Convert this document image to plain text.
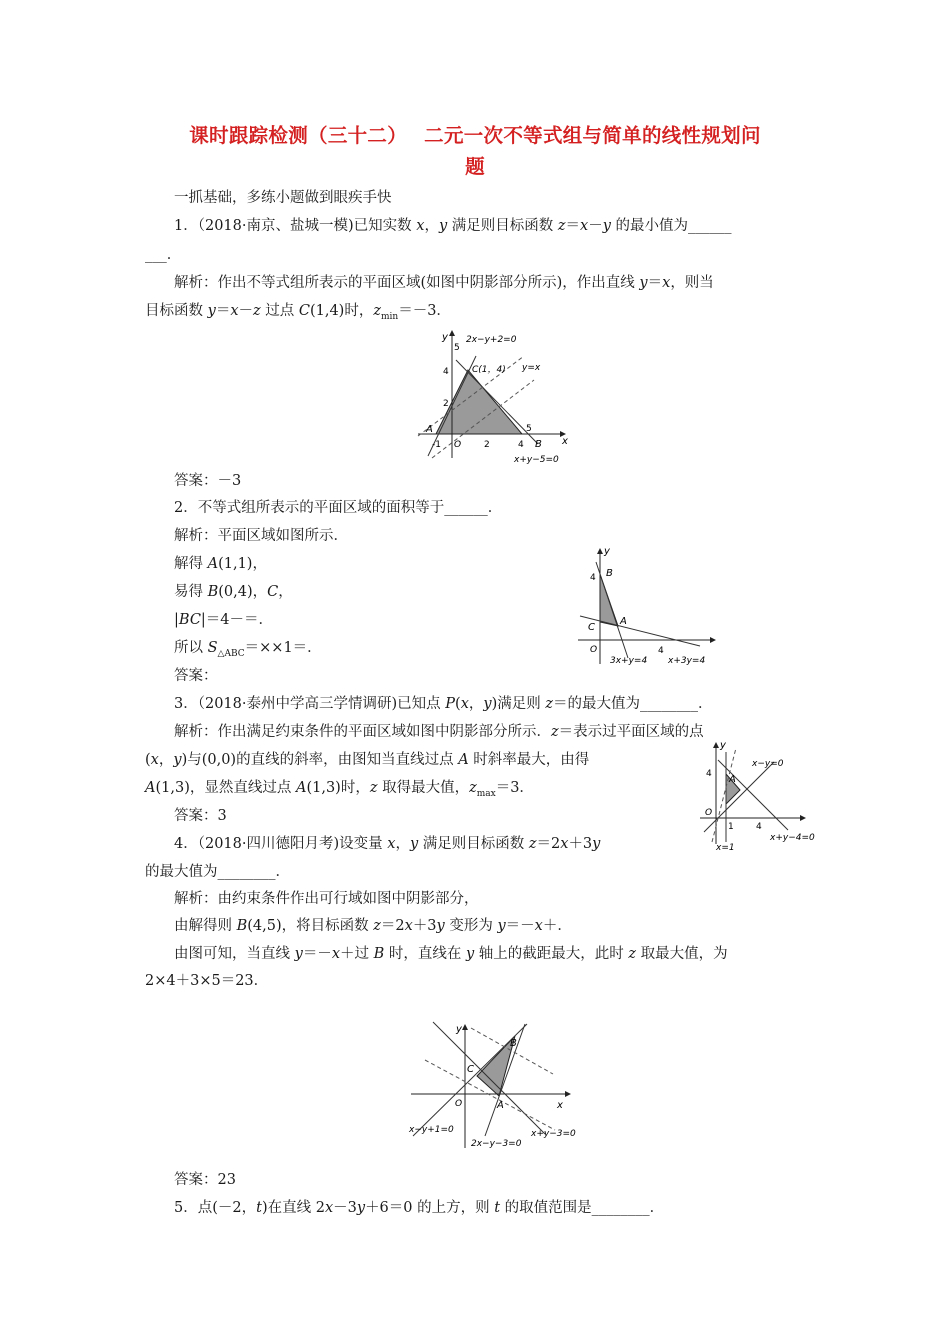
课时跟踪检测（三十二）　 二元一次不等式组与简单的线性规划问
题
一抓基础，多练小题做到眼疾手快
1．（2018·南京、盐城一模)已知实数 x，y 满足则目标函数 z＝x－y 的最小值为______
___．
解析：作出不等式组所表示的平面区域(如图中阴影部分所示)，作出直线 y＝x，则当
目标函数 y＝x－z 过点 C(1,4)时，$z_{min}=-3$．
y
x
5
4
2
-1 O	2	4
5
A
B
C(1，4)
2x−y+2=0
y=x
x+y−5=0
答案：－3
2．不等式组所表示的平面区域的面积等于______．
解析：平面区域如图所示．
解得 A(1,1)，
易得 B(0,4)，C，
|BC|＝4－＝．
所以 $S_{\triangle ABC}=\times\times 1=$．
答案：
y
4 B
A
C
O	4
3x+y=4 x+3y=4
3．（2018·泰州中学高三学情调研)已知点 P(x，y)满足则 z＝的最大值为________．
解析：作出满足约束条件的平面区域如图中阴影部分所示．z＝表示过平面区域的点
(x，y)与(0,0)的直线的斜率，由图知当直线过点 A 时斜率最大，由得
A(1,3)，显然直线过点 A(1,3)时，z 取得最大值，$z_{max}=3$．
答案：3
y
4 A
O
1 4
x−y=0
x+y−4=0
x=1
4．（2018·四川德阳月考)设变量 x，y 满足则目标函数 z＝2x＋3y
的最大值为________．
解析：由约束条件作出可行域如图中阴影部分，
由解得则 B(4,5)，将目标函数 z＝2x＋3y 变形为 y＝－x＋．
由图可知，当直线 y＝－x＋过 B 时，直线在 y 轴上的截距最大，此时 z 取最大值，为
2×4＋3×5＝23．
y
x
B
C
A
O
x−y+1=0
2x−y−3=0
x+y−3=0
答案：23
5．点(－2，t)在直线 2x－3y＋6＝0 的上方，则 t 的取值范围是________．
